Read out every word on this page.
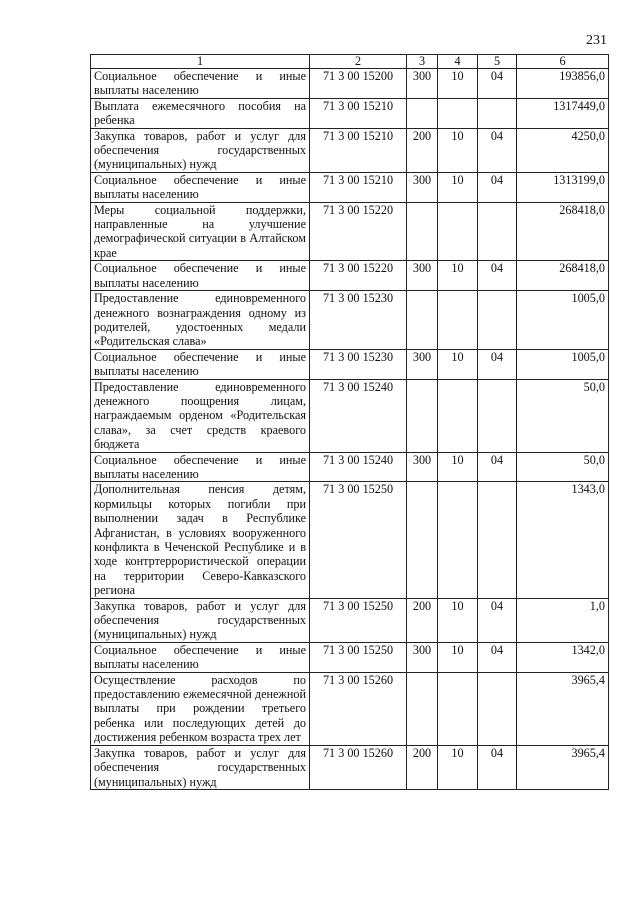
231
1	2	3	4	5	6
Социальное обеспечение и иные выплаты населению	71 3 00 15200	300	10	04	193856,0
Выплата ежемесячного пособия на ребенка	71 3 00 15210				1317449,0
Закупка товаров, работ и услуг для обеспечения государственных (муниципальных) нужд	71 3 00 15210	200	10	04	4250,0
Социальное обеспечение и иные выплаты населению	71 3 00 15210	300	10	04	1313199,0
Меры социальной поддержки, направленные на улучшение демографической ситуации в Алтайском крае	71 3 00 15220				268418,0
Социальное обеспечение и иные выплаты населению	71 3 00 15220	300	10	04	268418,0
Предоставление единовременного денежного вознаграждения одному из родителей, удостоенных медали «Родительская слава»	71 3 00 15230				1005,0
Социальное обеспечение и иные выплаты населению	71 3 00 15230	300	10	04	1005,0
Предоставление единовременного денежного поощрения лицам, награждаемым орденом «Родительская слава», за счет средств краевого бюджета	71 3 00 15240				50,0
Социальное обеспечение и иные выплаты населению	71 3 00 15240	300	10	04	50,0
Дополнительная пенсия детям, кормильцы которых погибли при выполнении задач в Республике Афганистан, в условиях вооруженного конфликта в Чеченской Республике и в ходе контртеррористической операции на территории Северо-Кавказского региона	71 3 00 15250				1343,0
Закупка товаров, работ и услуг для обеспечения государственных (муниципальных) нужд	71 3 00 15250	200	10	04	1,0
Социальное обеспечение и иные выплаты населению	71 3 00 15250	300	10	04	1342,0
Осуществление расходов по предоставлению ежемесячной денежной выплаты при рождении третьего ребенка или последующих детей до достижения ребенком возраста трех лет	71 3 00 15260				3965,4
Закупка товаров, работ и услуг для обеспечения государственных (муниципальных) нужд	71 3 00 15260	200	10	04	3965,4
